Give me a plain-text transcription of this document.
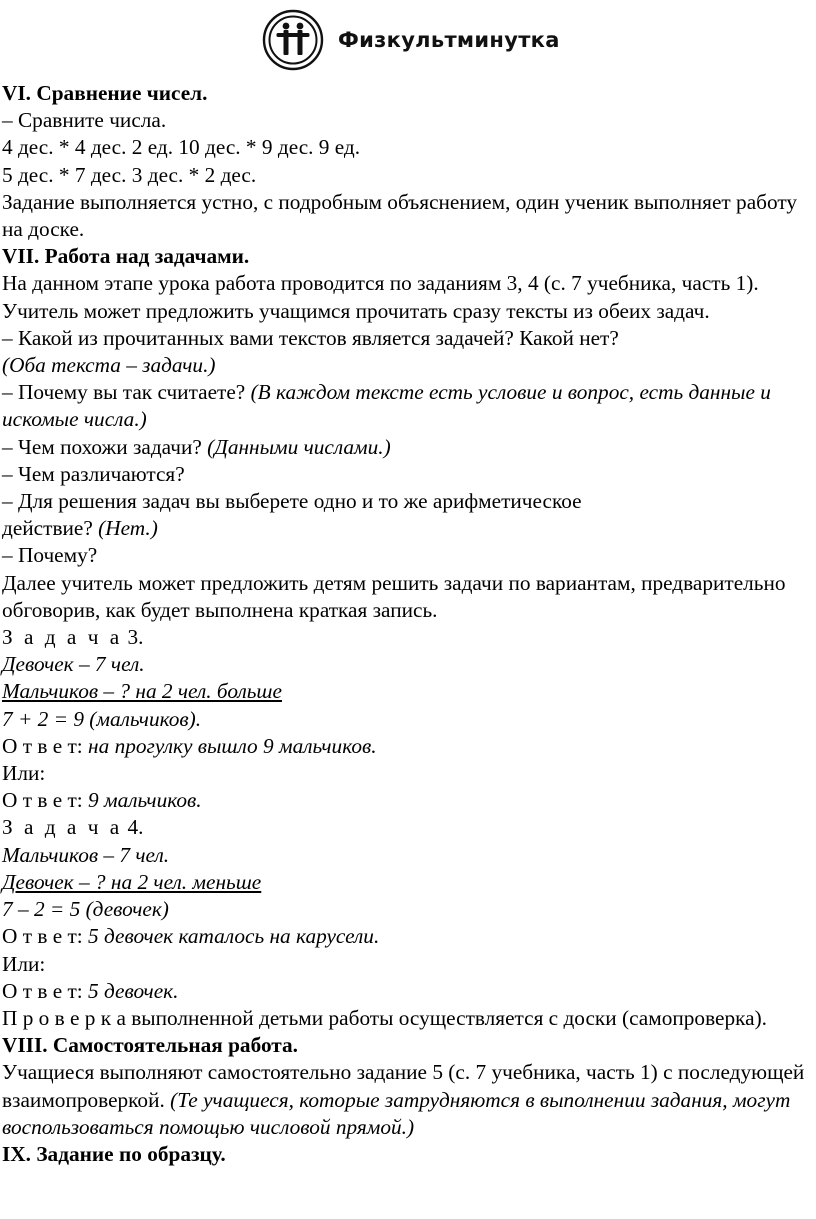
Физкультминутка

VI. Сравнение чисел.

– Сравните числа.

4 дес. * 4 дес. 2 ед. 10 дес. * 9 дес. 9 ед.

5 дес. * 7 дес. 3 дес. * 2 дес.

Задание выполняется устно, с подробным объяснением, один ученик выполняет работу на доске.

VII. Работа над задачами.

На данном этапе урока работа проводится по заданиям 3, 4 (с. 7 учебника, часть 1).

Учитель может предложить учащимся прочитать сразу тексты из обеих задач.

– Какой из прочитанных вами текстов является задачей? Какой нет?

(Оба текста – задачи.)

– Почему вы так считаете? (В каждом тексте есть условие и вопрос, есть данные и искомые числа.)

– Чем похожи задачи? (Данными числами.)

– Чем различаются?

– Для решения задач вы выберете одно и то же арифметическое

действие? (Нет.)

– Почему?

Далее учитель может предложить детям решить задачи по вариантам, предварительно обговорив, как будет выполнена краткая запись.

З а д а ч а 3.

Девочек – 7 чел.

Мальчиков – ? на 2 чел. больше

7 + 2 = 9 (мальчиков).

О т в е т: на прогулку вышло 9 мальчиков.

Или:

О т в е т: 9 мальчиков.

З а д а ч а 4.

Мальчиков – 7 чел.

Девочек – ? на 2 чел. меньше

7 – 2 = 5 (девочек)

О т в е т: 5 девочек каталось на карусели.

Или:

О т в е т: 5 девочек.

П р о в е р к а выполненной детьми работы осуществляется с доски (самопроверка).

VIII. Самостоятельная работа.

Учащиеся выполняют самостоятельно задание 5 (с. 7 учебника, часть 1) с последующей взаимопроверкой. (Те учащиеся, которые затрудняются в выполнении задания, могут воспользоваться помощью числовой прямой.)

IX. Задание по образцу.
